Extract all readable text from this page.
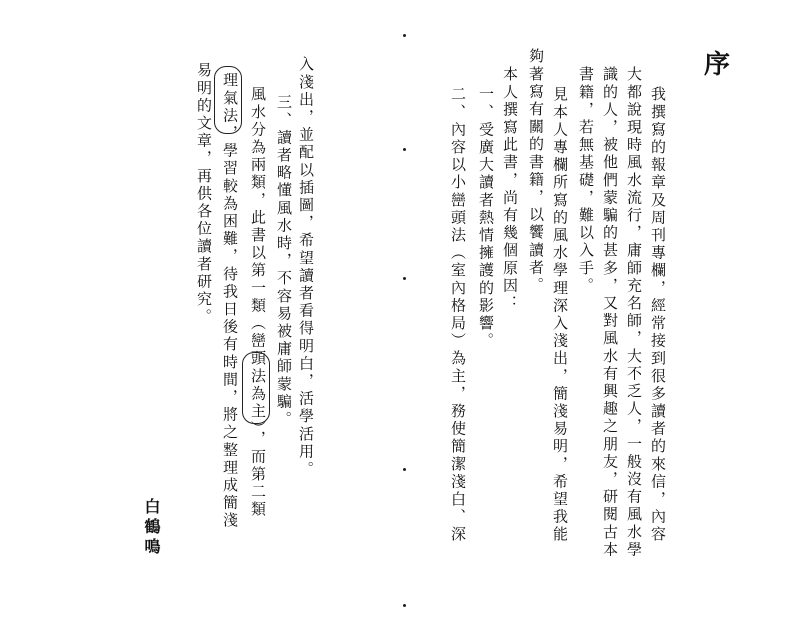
序
我撰寫的報章及周刊專欄，經常接到很多讀者的來信，內容
大都說現時風水流行，庸師充名師，大不乏人，一般沒有風水學
識的人，被他們蒙騙的甚多，又對風水有興趣之朋友，研閱古本
書籍，若無基礎，難以入手。
見本人專欄所寫的風水學理深入淺出，簡淺易明，希望我能
夠著寫有關的書籍，以饗讀者。
本人撰寫此書，尚有幾個原因：
一、受廣大讀者熱情擁護的影響。
二、內容以小巒頭法（室內格局）為主，務使簡潔淺白、深
入淺出，並配以插圖，希望讀者看得明白，活學活用。
三、讀者略懂風水時，不容易被庸師蒙騙。
風水分為兩類，此書以第一類（巒頭法為主），而第二類
理氣法，學習較為困難，待我日後有時間，將之整理成簡淺
易明的文章，再供各位讀者研究。
白鶴鳴
